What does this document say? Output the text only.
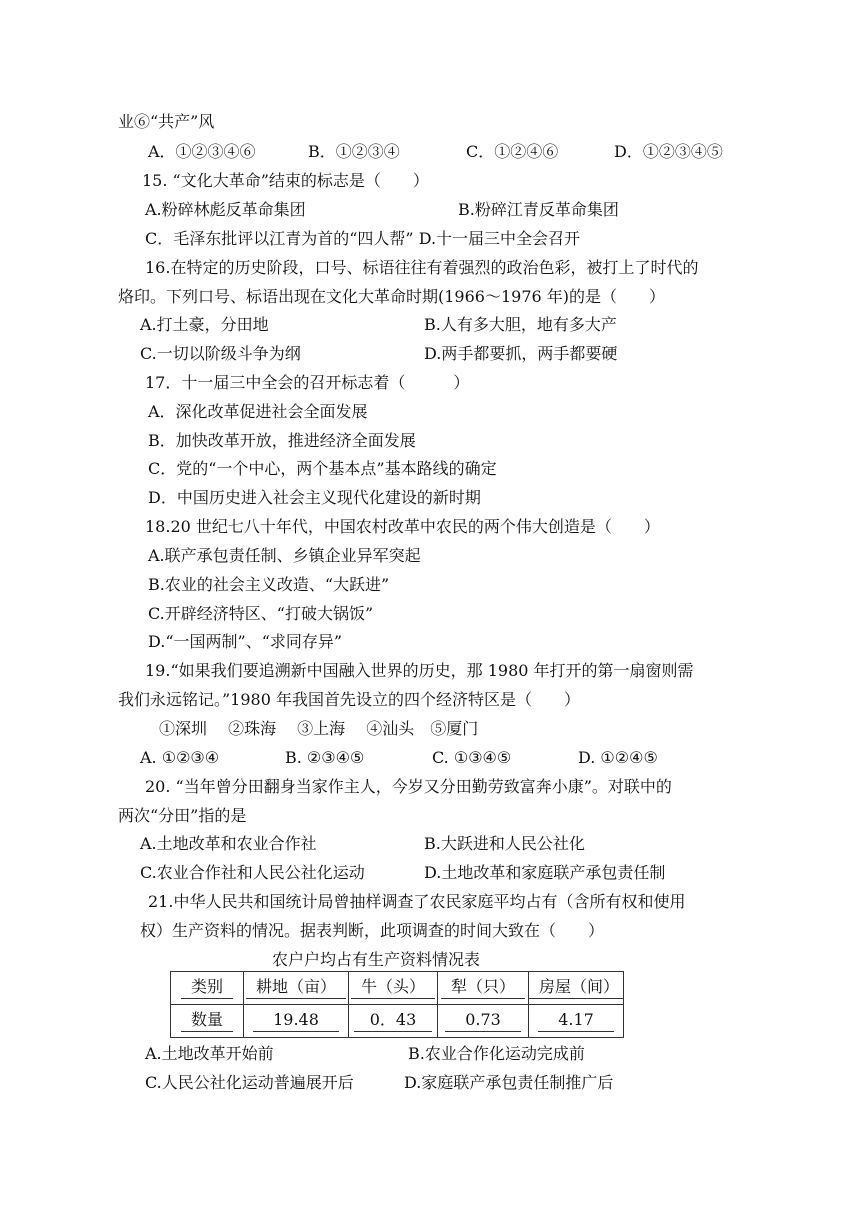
业⑥“共产”风
A．①②③④⑥	B．①②③④	C．①②④⑥	D．①②③④⑤
15. “文化大革命”结束的标志是（　　）
A.粉碎林彪反革命集团	B.粉碎江青反革命集团
C．毛泽东批评以江青为首的“四人帮” D.十一届三中全会召开
16.在特定的历史阶段，口号、标语往往有着强烈的政治色彩，被打上了时代的
烙印。下列口号、标语出现在文化大革命时期(1966～1976 年)的是（　　）
A.打土豪，分田地	B.人有多大胆，地有多大产
C.一切以阶级斗争为纲	D.两手都要抓，两手都要硬
17．十一届三中全会的召开标志着（　　　）
A．深化改革促进社会全面发展
B．加快改革开放，推进经济全面发展
C．党的“一个中心，两个基本点”基本路线的确定
D．中国历史进入社会主义现代化建设的新时期
18.20 世纪七八十年代，中国农村改革中农民的两个伟大创造是（　　）
A.联产承包责任制、乡镇企业异军突起
B.农业的社会主义改造、“大跃进”
C.开辟经济特区、“打破大锅饭”
D.“一国两制”、“求同存异”
19.“如果我们要追溯新中国融入世界的历史，那 1980 年打开的第一扇窗则需
我们永远铭记。”1980 年我国首先设立的四个经济特区是（　　）
①深圳　 ②珠海　 ③上海　 ④汕头　⑤厦门
A. ①②③④	B. ②③④⑤	C. ①③④⑤	D. ①②④⑤
20. “当年曾分田翻身当家作主人，今岁又分田勤劳致富奔小康”。对联中的
两次“分田”指的是
A.土地改革和农业合作社	B.大跃进和人民公社化
C.农业合作社和人民公社化运动	D.土地改革和家庭联产承包责任制
21.中华人民共和国统计局曾抽样调查了农民家庭平均占有（含所有权和使用
权）生产资料的情况。据表判断，此项调查的时间大致在（　　）
农户户均占有生产资料情况表
类别	耕地（亩）	牛（头）	犁（只）	房屋（间）
数量	19.48	0．43	0.73	4.17
A.土地改革开始前	B.农业合作化运动完成前
C.人民公社化运动普遍展开后	D.家庭联产承包责任制推广后
